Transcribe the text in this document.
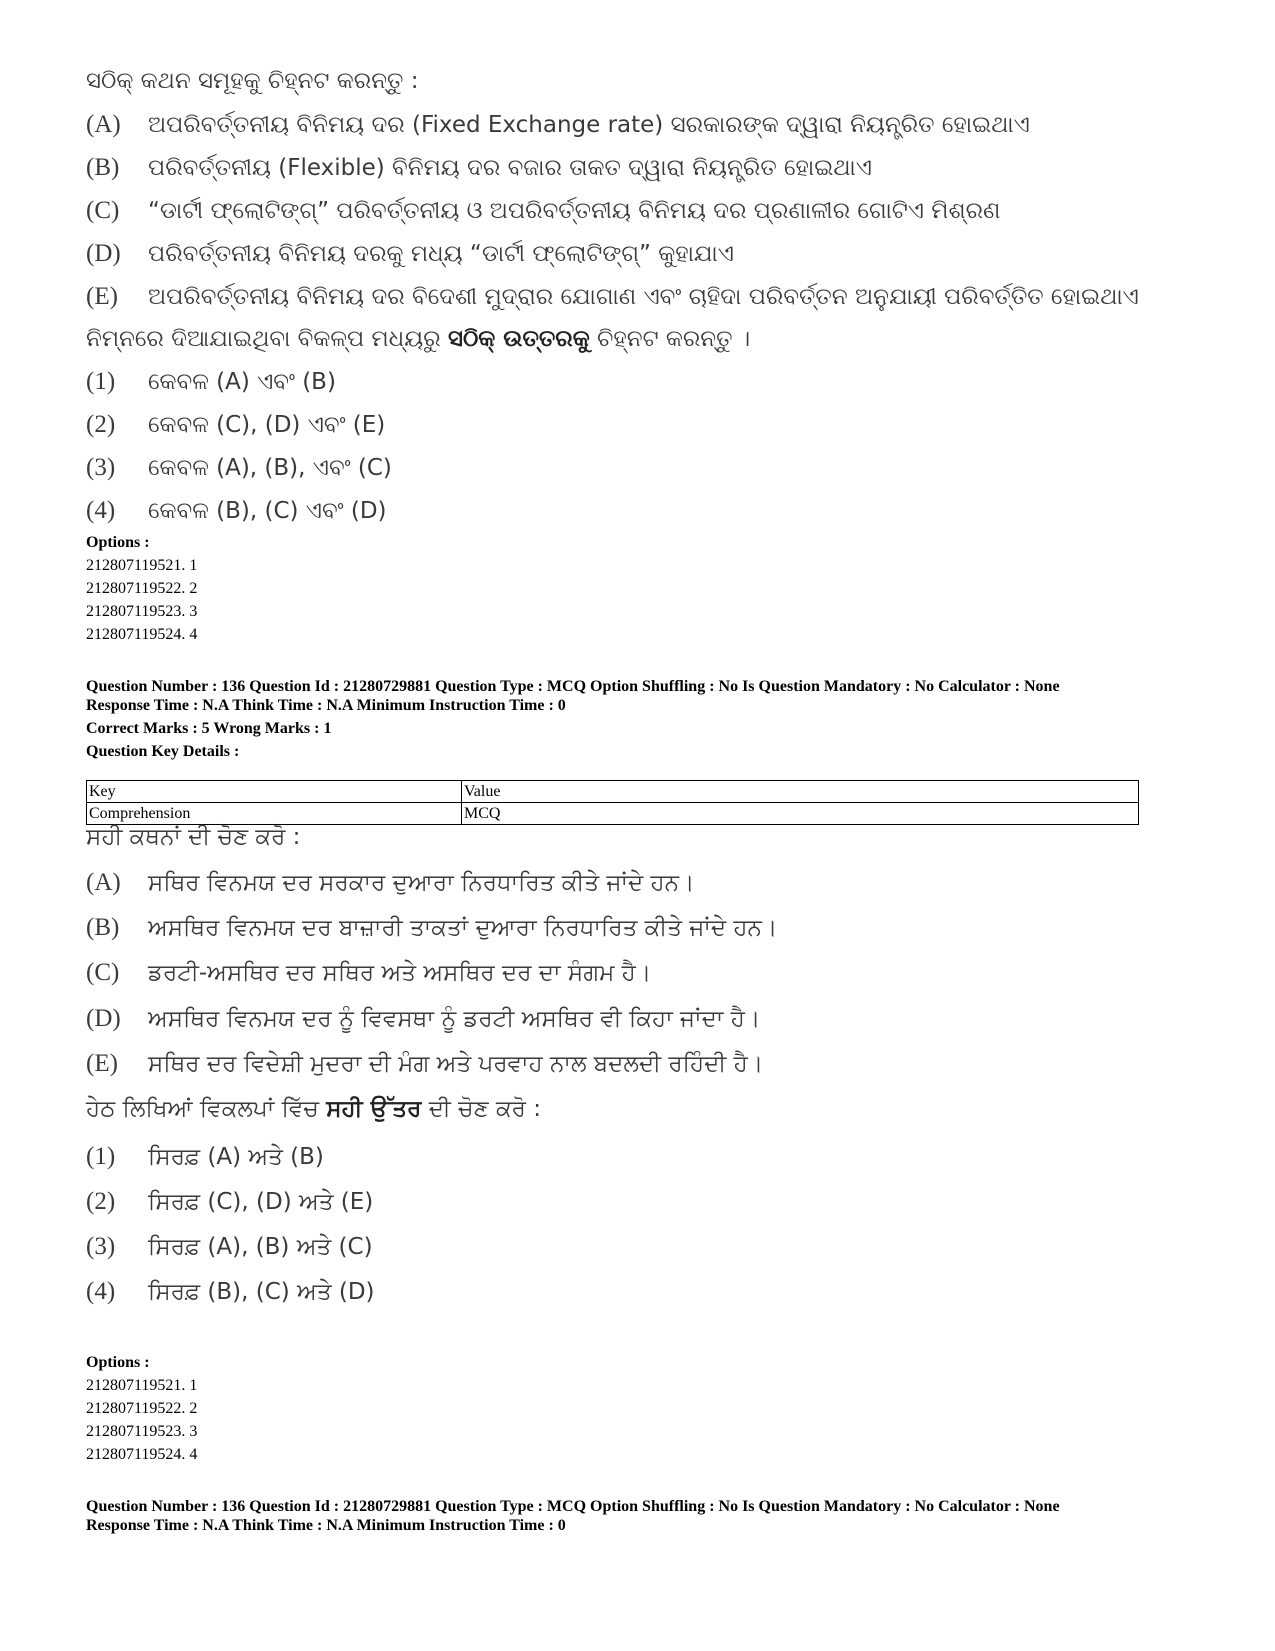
ସଠିକ୍ କଥନ ସମୂହକୁ ଚିହ୍ନଟ କରନ୍ତୁ :
(A) ଅପରିବର୍ତ୍ତନୀୟ ବିନିମୟ ଦର (Fixed Exchange rate) ସରକାରଙ୍କ ଦ୍ୱାରା ନିୟନ୍ତ୍ରିତ ହୋଇଥାଏ
(B) ପରିବର୍ତ୍ତନୀୟ (Flexible) ବିନିମୟ ଦର ବଜାର ତାକତ ଦ୍ୱାରା ନିୟନ୍ତ୍ରିତ ହୋଇଥାଏ
(C) “ଡାର୍ଟୀ ଫ୍ଲୋଟିଙ୍ଗ୍” ପରିବର୍ତ୍ତନୀୟ ଓ ଅପରିବର୍ତ୍ତନୀୟ ବିନିମୟ ଦର ପ୍ରଣାଳୀର ଗୋଟିଏ ମିଶ୍ରଣ
(D) ପରିବର୍ତ୍ତନୀୟ ବିନିମୟ ଦରକୁ ମଧ୍ୟ “ଡାର୍ଟୀ ଫ୍ଲୋଟିଙ୍ଗ୍” କୁହାଯାଏ
(E) ଅପରିବର୍ତ୍ତନୀୟ ବିନିମୟ ଦର ବିଦେଶୀ ମୁଦ୍ରାର ଯୋଗାଣ ଏବଂ ଚାହିଦା ପରିବର୍ତ୍ତନ ଅନୁଯାୟୀ ପରିବର୍ତ୍ତିତ ହୋଇଥାଏ
ନିମ୍ନରେ ଦିଆଯାଇଥିବା ବିକଳ୍ପ ମଧ୍ୟରୁ ସଠିକ୍ ଉତ୍ତରକୁ ଚିହ୍ନଟ କରନ୍ତୁ ।
(1) କେବଳ (A) ଏବଂ (B)
(2) କେବଳ (C), (D) ଏବଂ (E)
(3) କେବଳ (A), (B), ଏବଂ (C)
(4) କେବଳ (B), (C) ଏବଂ (D)
Options :
212807119521. 1
212807119522. 2
212807119523. 3
212807119524. 4
Question Number : 136 Question Id : 21280729881 Question Type : MCQ Option Shuffling : No Is Question Mandatory : No Calculator : None
Response Time : N.A Think Time : N.A Minimum Instruction Time : 0
Correct Marks : 5 Wrong Marks : 1
Question Key Details :
Key	Value
Comprehension	MCQ
ਸਹੀ ਕਥਨਾਂ ਦੀ ਚੋਣ ਕਰੋ :
(A) ਸਥਿਰ ਵਿਨਮਯ ਦਰ ਸਰਕਾਰ ਦੁਆਰਾ ਨਿਰਧਾਰਿਤ ਕੀਤੇ ਜਾਂਦੇ ਹਨ।
(B) ਅਸਥਿਰ ਵਿਨਮਯ ਦਰ ਬਾਜ਼ਾਰੀ ਤਾਕਤਾਂ ਦੁਆਰਾ ਨਿਰਧਾਰਿਤ ਕੀਤੇ ਜਾਂਦੇ ਹਨ।
(C) ਡਰਟੀ-ਅਸਥਿਰ ਦਰ ਸਥਿਰ ਅਤੇ ਅਸਥਿਰ ਦਰ ਦਾ ਸੰਗਮ ਹੈ।
(D) ਅਸਥਿਰ ਵਿਨਮਯ ਦਰ ਨੂੰ ਵਿਵਸਥਾ ਨੂੰ ਡਰਟੀ ਅਸਥਿਰ ਵੀ ਕਿਹਾ ਜਾਂਦਾ ਹੈ।
(E) ਸਥਿਰ ਦਰ ਵਿਦੇਸ਼ੀ ਮੁਦਰਾ ਦੀ ਮੰਗ ਅਤੇ ਪਰਵਾਹ ਨਾਲ ਬਦਲਦੀ ਰਹਿੰਦੀ ਹੈ।
ਹੇਠ ਲਿਖਿਆਂ ਵਿਕਲਪਾਂ ਵਿੱਚ ਸਹੀ ਉੱਤਰ ਦੀ ਚੋਣ ਕਰੋ :
(1) ਸਿਰਫ਼ (A) ਅਤੇ (B)
(2) ਸਿਰਫ਼ (C), (D) ਅਤੇ (E)
(3) ਸਿਰਫ਼ (A), (B) ਅਤੇ (C)
(4) ਸਿਰਫ਼ (B), (C) ਅਤੇ (D)
Options :
212807119521. 1
212807119522. 2
212807119523. 3
212807119524. 4
Question Number : 136 Question Id : 21280729881 Question Type : MCQ Option Shuffling : No Is Question Mandatory : No Calculator : None
Response Time : N.A Think Time : N.A Minimum Instruction Time : 0
